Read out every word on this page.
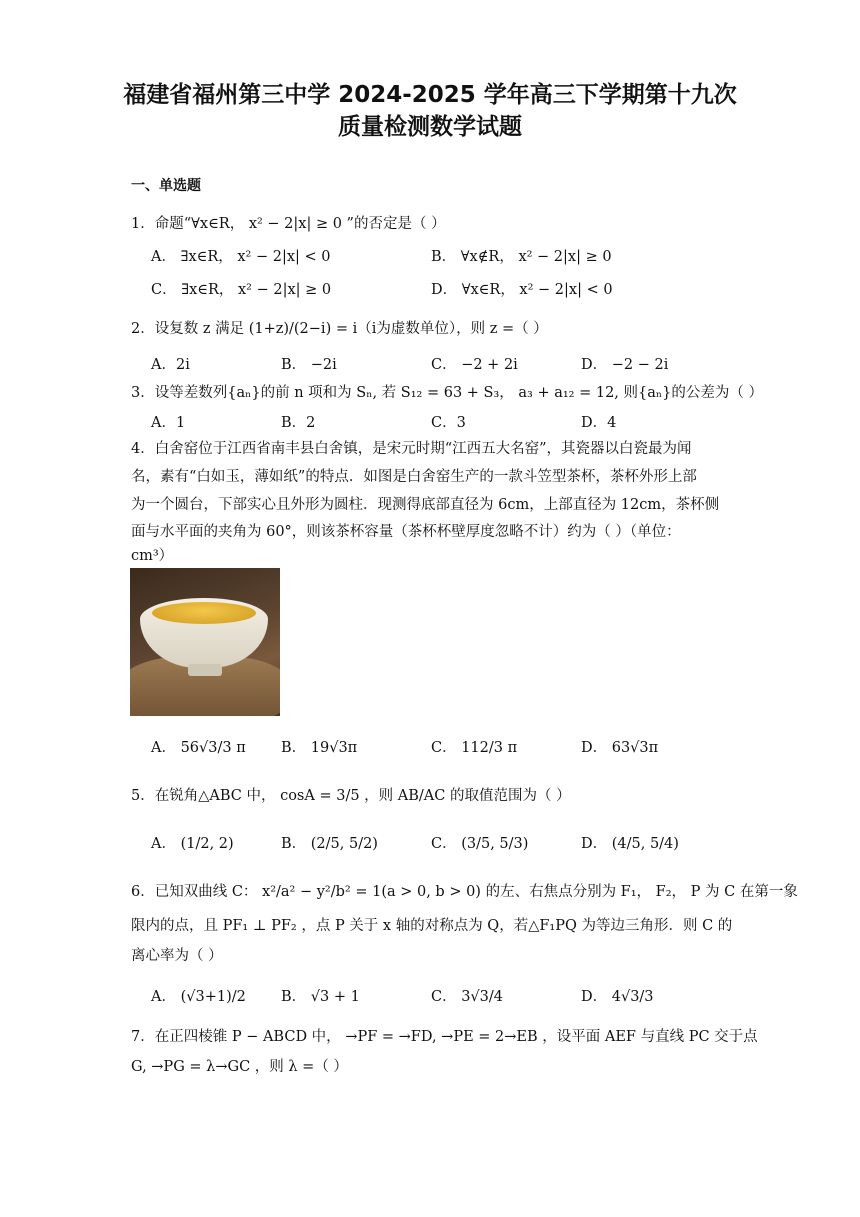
福建省福州第三中学 2024-2025 学年高三下学期第十九次
质量检测数学试题
一、单选题
1．命题“∀x∈R， x² − 2|x| ≥ 0 ”的否定是（ ）
A． ∃x∈R， x² − 2|x| < 0	B． ∀x∉R， x² − 2|x| ≥ 0
C． ∃x∈R， x² − 2|x| ≥ 0	D． ∀x∈R， x² − 2|x| < 0
2．设复数 z 满足 (1+z)/(2−i) = i（i为虚数单位），则 z =（ ）
A．2i	B． −2i	C． −2 + 2i	D． −2 − 2i
3．设等差数列{aₙ}的前 n 项和为 Sₙ, 若 S₁₂ = 63 + S₃， a₃ + a₁₂ = 12, 则{aₙ}的公差为（ ）
A．1	B．2	C．3	D．4
4．白舍窑位于江西省南丰县白舍镇，是宋元时期“江西五大名窑”，其瓷器以白瓷最为闻
名，素有“白如玉，薄如纸”的特点．如图是白舍窑生产的一款斗笠型茶杯，茶杯外形上部
为一个圆台，下部实心且外形为圆柱．现测得底部直径为 6cm，上部直径为 12cm，茶杯侧
面与水平面的夹角为 60°，则该茶杯容量（茶杯杯壁厚度忽略不计）约为（ ）（单位：
cm³）
A． 56√3/3 π B． 19√3π	C． 112/3 π	D． 63√3π
5．在锐角△ABC 中， cosA = 3/5 ，则 AB/AC 的取值范围为（ ）
A． (1/2, 2)	B． (2/5, 5/2)	C． (3/5, 5/3)	D． (4/5, 5/4)
6．已知双曲线 C： x²/a² − y²/b² = 1(a > 0, b > 0) 的左、右焦点分别为 F₁， F₂， P 为 C 在第一象
限内的点，且 PF₁ ⊥ PF₂ ，点 P 关于 x 轴的对称点为 Q，若△F₁PQ 为等边三角形．则 C 的
离心率为（ ）
A． (√3+1)/2 B． √3 + 1	C． 3√3/4	D． 4√3/3
7．在正四棱锥 P − ABCD 中， →PF = →FD, →PE = 2→EB ，设平面 AEF 与直线 PC 交于点
G, →PG = λ→GC ，则 λ =（ ）
